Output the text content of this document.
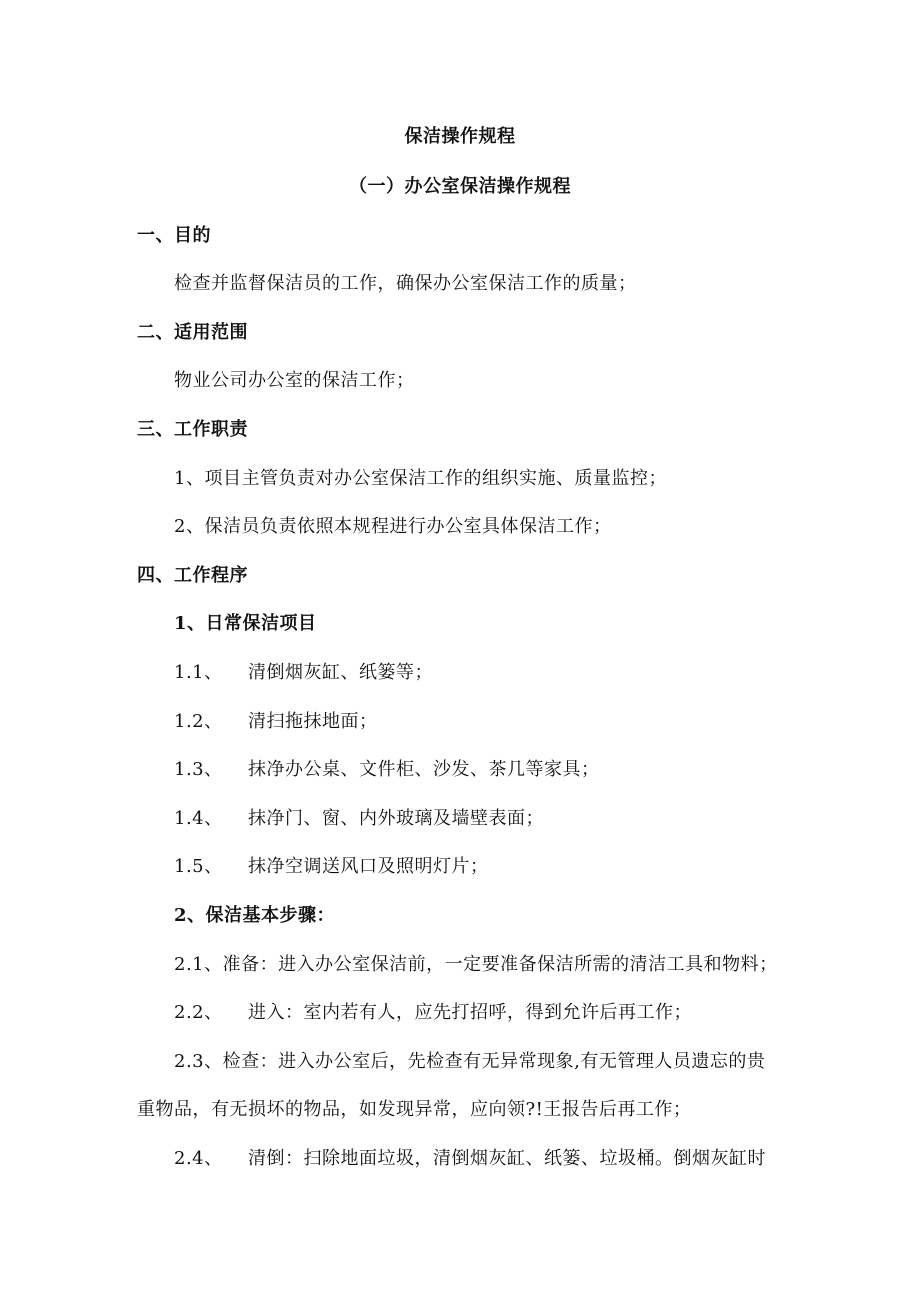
保洁操作规程
（一）办公室保洁操作规程
一、目的
检查并监督保洁员的工作，确保办公室保洁工作的质量；
二、适用范围
物业公司办公室的保洁工作；
三、工作职责
1、项目主管负责对办公室保洁工作的组织实施、质量监控；
2、保洁员负责依照本规程进行办公室具体保洁工作；
四、工作程序
1、日常保洁项目
1.1、 清倒烟灰缸、纸篓等；
1.2、 清扫拖抹地面；
1.3、 抹净办公桌、文件柜、沙发、茶几等家具；
1.4、 抹净门、窗、内外玻璃及墙壁表面；
1.5、 抹净空调送风口及照明灯片；
2、保洁基本步骤：
2.1、准备：进入办公室保洁前，一定要准备保洁所需的清洁工具和物料；
2.2、 进入：室内若有人，应先打招呼，得到允许后再工作；
2.3、检查：进入办公室后，先检查有无异常现象,有无管理人员遗忘的贵
重物品，有无损坏的物品，如发现异常，应向领?!王报告后再工作；
2.4、 清倒：扫除地面垃圾，清倒烟灰缸、纸篓、垃圾桶。倒烟灰缸时
